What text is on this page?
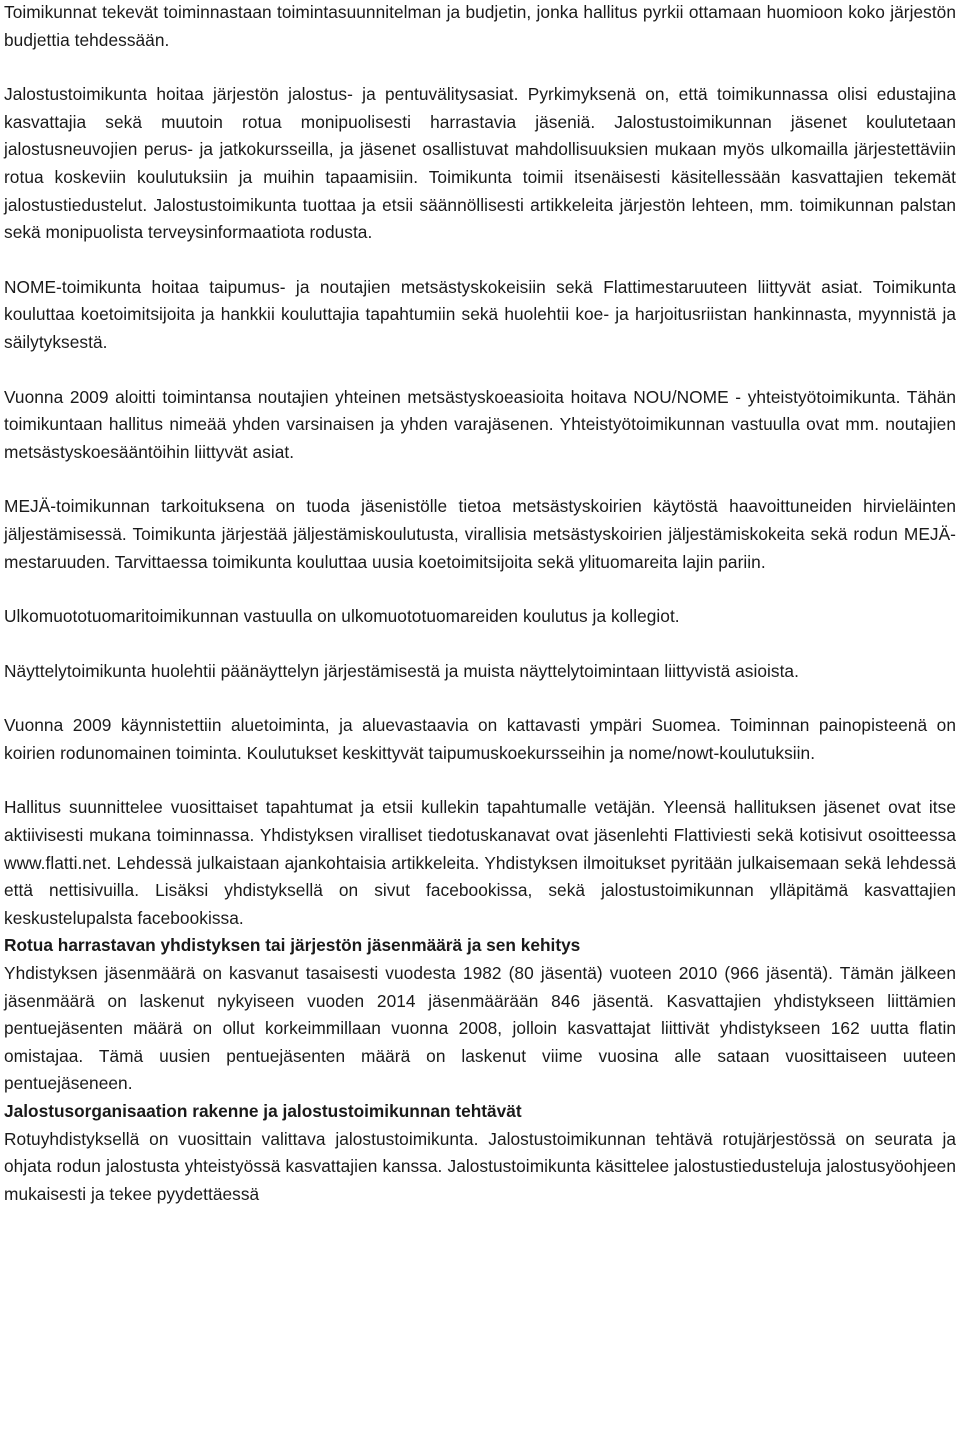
Toimikunnat tekevät toiminnastaan toimintasuunnitelman ja budjetin, jonka hallitus pyrkii ottamaan huomioon koko järjestön budjettia tehdessään.

Jalostustoimikunta hoitaa järjestön jalostus- ja pentuvälitysasiat. Pyrkimyksenä on, että toimikunnassa olisi edustajina kasvattajia sekä muutoin rotua monipuolisesti harrastavia jäseniä. Jalostustoimikunnan jäsenet koulutetaan jalostusneuvojien perus- ja jatkokursseilla, ja jäsenet osallistuvat mahdollisuuksien mukaan myös ulkomailla järjestettäviin rotua koskeviin koulutuksiin ja muihin tapaamisiin. Toimikunta toimii itsenäisesti käsitellessään kasvattajien tekemät jalostustiedustelut. Jalostustoimikunta tuottaa ja etsii säännöllisesti artikkeleita järjestön lehteen, mm. toimikunnan palstan sekä monipuolista terveysinformaatiota rodusta.

NOME-toimikunta hoitaa taipumus- ja noutajien metsästyskokeisiin sekä Flattimestaruuteen liittyvät asiat. Toimikunta kouluttaa koetoimitsijoita ja hankkii kouluttajia tapahtumiin sekä huolehtii koe- ja harjoitusriistan hankinnasta, myynnistä ja säilytyksestä.

Vuonna 2009 aloitti toimintansa noutajien yhteinen metsästyskoeasioita hoitava NOU/NOME - yhteistyötoimikunta. Tähän toimikuntaan hallitus nimeää yhden varsinaisen ja yhden varajäsenen. Yhteistyötoimikunnan vastuulla ovat mm. noutajien metsästyskoesääntöihin liittyvät asiat.

MEJÄ-toimikunnan tarkoituksena on tuoda jäsenistölle tietoa metsästyskoirien käytöstä haavoittuneiden hirvieläinten jäljestämisessä. Toimikunta järjestää jäljestämiskoulutusta, virallisia metsästyskoirien jäljestämiskokeita sekä rodun MEJÄ-mestaruuden. Tarvittaessa toimikunta kouluttaa uusia koetoimitsijoita sekä ylituomareita lajin pariin.

Ulkomuototuomaritoimikunnan vastuulla on ulkomuototuomareiden koulutus ja kollegiot.

Näyttelytoimikunta huolehtii päänäyttelyn järjestämisestä ja muista näyttelytoimintaan liittyvistä asioista.

Vuonna 2009 käynnistettiin aluetoiminta, ja aluevastaavia on kattavasti ympäri Suomea. Toiminnan painopisteenä on koirien rodunomainen toiminta. Koulutukset keskittyvät taipumuskoekursseihin ja nome/nowt-koulutuksiin.

Hallitus suunnittelee vuosittaiset tapahtumat ja etsii kullekin tapahtumalle vetäjän. Yleensä hallituksen jäsenet ovat itse aktiivisesti mukana toiminnassa. Yhdistyksen viralliset tiedotuskanavat ovat jäsenlehti Flattiviesti sekä kotisivut osoitteessa www.flatti.net. Lehdessä julkaistaan ajankohtaisia artikkeleita. Yhdistyksen ilmoitukset pyritään julkaisemaan sekä lehdessä että nettisivuilla. Lisäksi yhdistyksellä on sivut facebookissa, sekä jalostustoimikunnan ylläpitämä kasvattajien keskustelupalsta facebookissa.

Rotua harrastavan yhdistyksen tai järjestön jäsenmäärä ja sen kehitys

Yhdistyksen jäsenmäärä on kasvanut tasaisesti vuodesta 1982 (80 jäsentä) vuoteen 2010 (966 jäsentä). Tämän jälkeen jäsenmäärä on laskenut nykyiseen vuoden 2014 jäsenmäärään 846 jäsentä. Kasvattajien yhdistykseen liittämien pentuejäsenten määrä on ollut korkeimmillaan vuonna 2008, jolloin kasvattajat liittivät yhdistykseen 162 uutta flatin omistajaa. Tämä uusien pentuejäsenten määrä on laskenut viime vuosina alle sataan vuosittaiseen uuteen pentuejäseneen.

Jalostusorganisaation rakenne ja jalostustoimikunnan tehtävät

Rotuyhdistyksellä on vuosittain valittava jalostustoimikunta. Jalostustoimikunnan tehtävä rotujärjestössä on seurata ja ohjata rodun jalostusta yhteistyössä kasvattajien kanssa. Jalostustoimikunta käsittelee jalostustiedusteluja jalostusyöohjeen mukaisesti ja tekee pyydettäessä
